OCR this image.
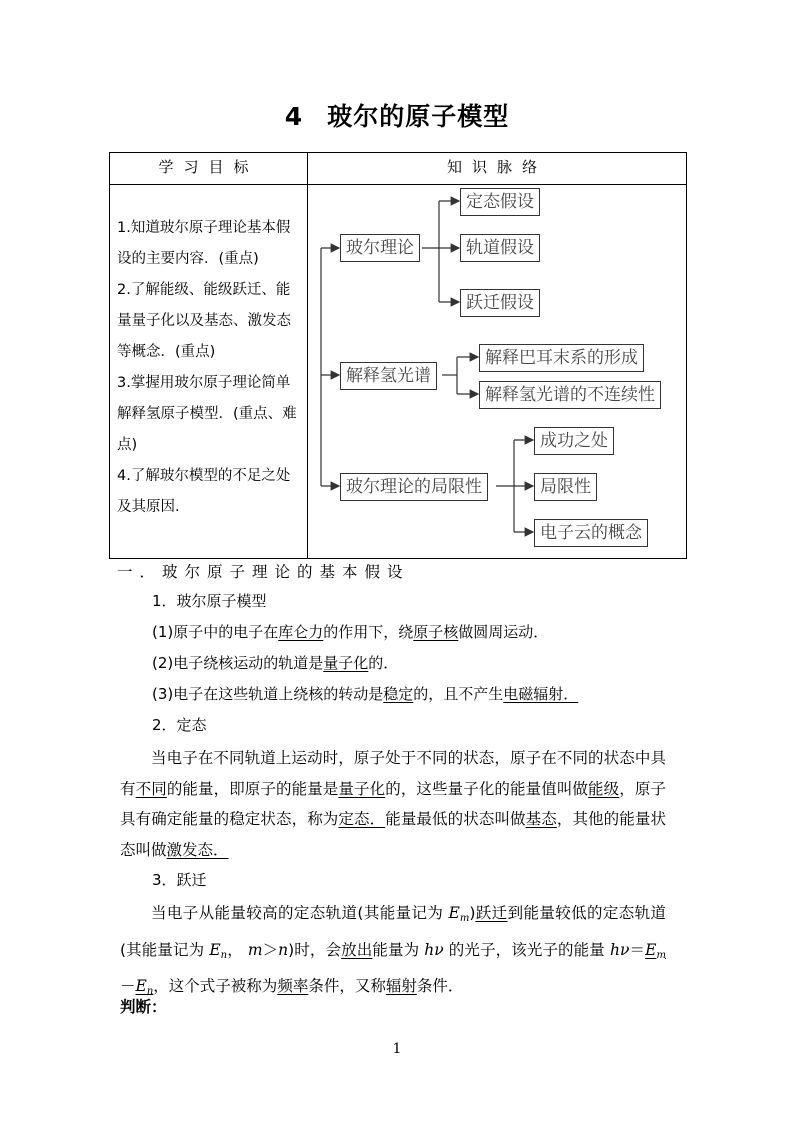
4 玻尔的原子模型
学习目标	知识脉络

1.知道玻尔原子理论基本假设的主要内容．(重点)

2.了解能级、能级跃迁、能量量子化以及基态、激发态等概念．(重点)

3.掌握用玻尔原子理论简单解释氢原子模型．(重点、难点)

4.了解玻尔模型的不足之处及其原因.

玻尔理论
定态假设
轨道假设
跃迁假设
解释氢光谱
解释巴耳末系的形成
解释氢光谱的不连续性
玻尔理论的局限性
成功之处
局限性
电子云的概念
一．玻尔原子理论的基本假设
1．玻尔原子模型
(1)原子中的电子在库仑力的作用下，绕原子核做圆周运动．
(2)电子绕核运动的轨道是量子化的．
(3)电子在这些轨道上绕核的转动是稳定的，且不产生电磁辐射．
2．定态

当电子在不同轨道上运动时，原子处于不同的状态，原子在不同的状态中具有不同的能量，即原子的能量是量子化的，这些量子化的能量值叫做能级，原子具有确定能量的稳定状态，称为定态．能量最低的状态叫做基态，其他的能量状态叫做激发态．

3．跃迁

当电子从能量较高的定态轨道(其能量记为 $E_m$)跃迁到能量较低的定态轨道(其能量记为 $E_n$， m＞n)时，会放出能量为 hν 的光子，该光子的能量 $h\nu=E_m-E_n$，这个式子被称为频率条件，又称辐射条件．

判断：
1
